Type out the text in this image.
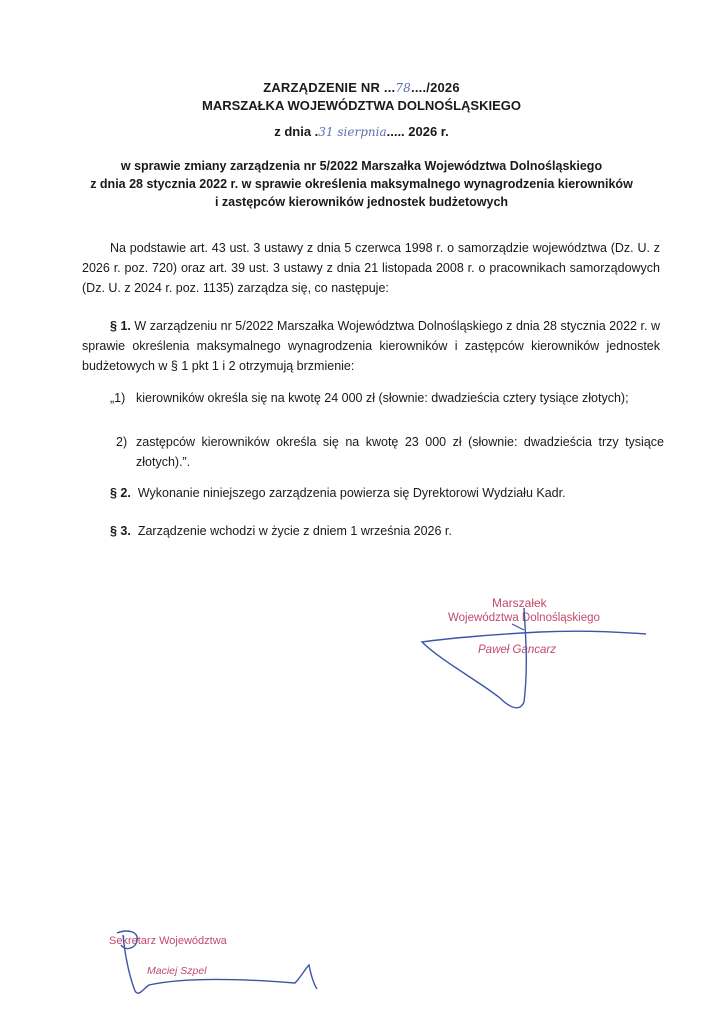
ZARZĄDZENIE NR ...78..../2026
MARSZAŁKA WOJEWÓDZTWA DOLNOŚLĄSKIEGO
z dnia .31 sierpnia..... 2026 r.
w sprawie zmiany zarządzenia nr 5/2022 Marszałka Województwa Dolnośląskiego
z dnia 28 stycznia 2022 r. w sprawie określenia maksymalnego wynagrodzenia kierowników
i zastępców kierowników jednostek budżetowych
Na podstawie art. 43 ust. 3 ustawy z dnia 5 czerwca 1998 r. o samorządzie województwa (Dz. U. z 2026 r. poz. 720) oraz art. 39 ust. 3 ustawy z dnia 21 listopada 2008 r. o pracownikach samorządowych (Dz. U. z 2024 r. poz. 1135) zarządza się, co następuje:
§ 1. W zarządzeniu nr 5/2022 Marszałka Województwa Dolnośląskiego z dnia 28 stycznia 2022 r. w sprawie określenia maksymalnego wynagrodzenia kierowników i zastępców kierowników jednostek budżetowych w § 1 pkt 1 i 2 otrzymują brzmienie:
„1) kierowników określa się na kwotę 24 000 zł (słownie: dwadzieścia cztery tysiące złotych);
2) zastępców kierowników określa się na kwotę 23 000 zł (słownie: dwadzieścia trzy tysiące złotych).”.
§ 2. Wykonanie niniejszego zarządzenia powierza się Dyrektorowi Wydziału Kadr.
§ 3. Zarządzenie wchodzi w życie z dniem 1 września 2026 r.
Marszałek
Województwa Dolnośląskiego
Paweł Gancarz
Sekretarz Województwa
Maciej Szpel
